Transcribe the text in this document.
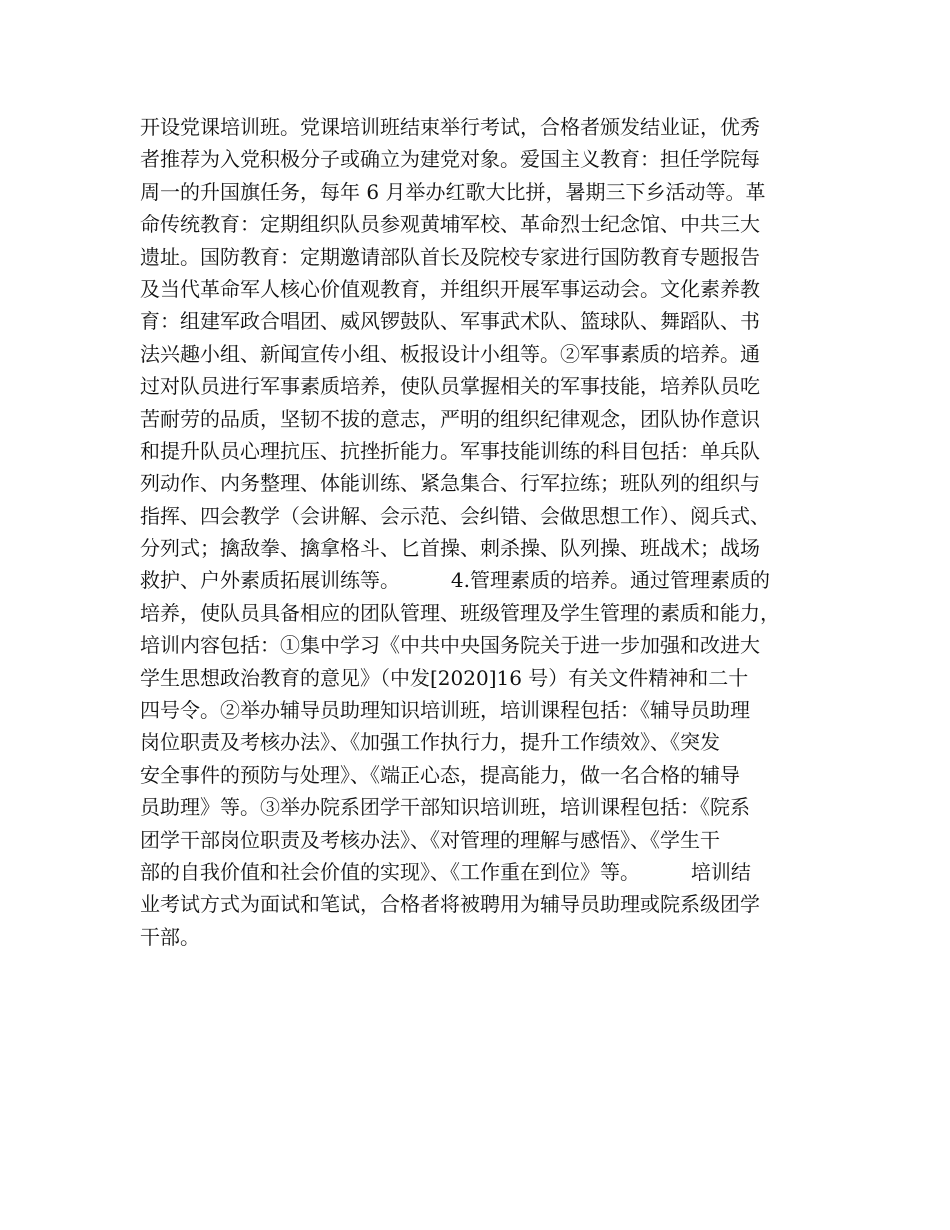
开设党课培训班。党课培训班结束举行考试，合格者颁发结业证，优秀
者推荐为入党积极分子或确立为建党对象。爱国主义教育：担任学院每
周一的升国旗任务，每年 6 月举办红歌大比拼，暑期三下乡活动等。革
命传统教育：定期组织队员参观黄埔军校、革命烈士纪念馆、中共三大
遗址。国防教育：定期邀请部队首长及院校专家进行国防教育专题报告
及当代革命军人核心价值观教育，并组织开展军事运动会。文化素养教
育：组建军政合唱团、威风锣鼓队、军事武术队、篮球队、舞蹈队、书
法兴趣小组、新闻宣传小组、板报设计小组等。②军事素质的培养。通
过对队员进行军事素质培养，使队员掌握相关的军事技能，培养队员吃
苦耐劳的品质，坚韧不拔的意志，严明的组织纪律观念，团队协作意识
和提升队员心理抗压、抗挫折能力。军事技能训练的科目包括：单兵队
列动作、内务整理、体能训练、紧急集合、行军拉练；班队列的组织与
指挥、四会教学（会讲解、会示范、会纠错、会做思想工作）、阅兵式、
分列式；擒敌拳、擒拿格斗、匕首操、刺杀操、队列操、班战术；战场
救护、户外素质拓展训练等。        4.管理素质的培养。通过管理素质的
培养，使队员具备相应的团队管理、班级管理及学生管理的素质和能力，
培训内容包括：①集中学习《中共中央国务院关于进一步加强和改进大
学生思想政治教育的意见》（中发[2020]16 号）有关文件精神和二十
四号令。②举办辅导员助理知识培训班，培训课程包括：《辅导员助理
岗位职责及考核办法》、《加强工作执行力，提升工作绩效》、《突发
安全事件的预防与处理》、《端正心态，提高能力，做一名合格的辅导
员助理》等。③举办院系团学干部知识培训班，培训课程包括：《院系
团学干部岗位职责及考核办法》、《对管理的理解与感悟》、《学生干
部的自我价值和社会价值的实现》、《工作重在到位》等。        培训结
业考试方式为面试和笔试，合格者将被聘用为辅导员助理或院系级团学
干部。
